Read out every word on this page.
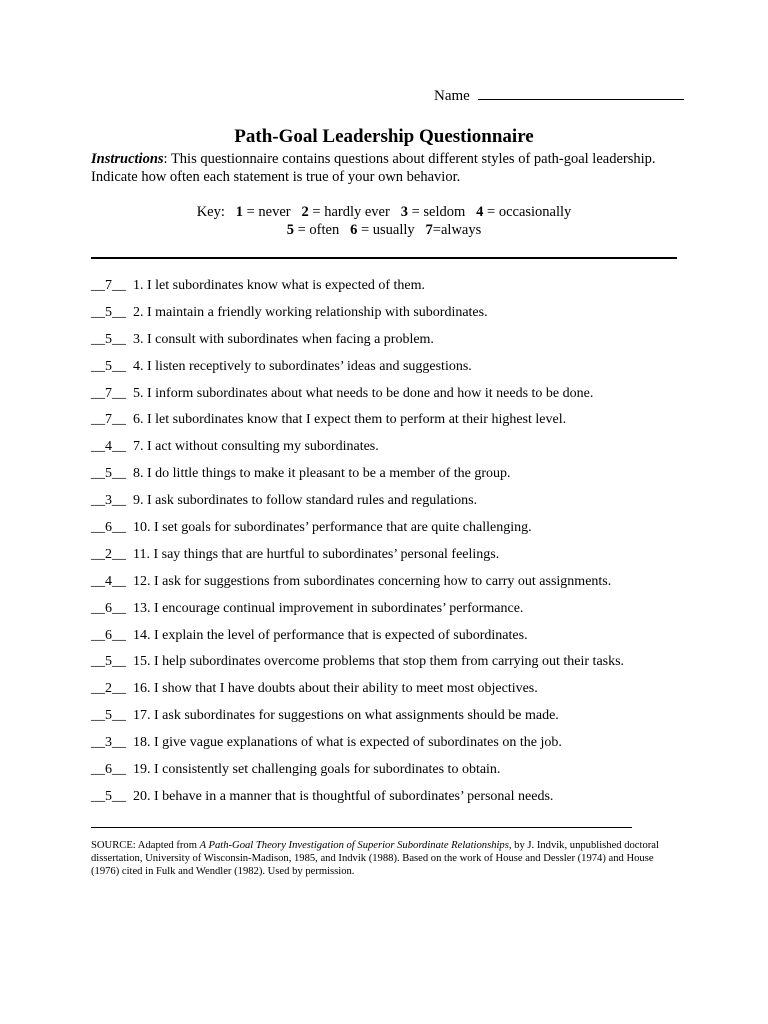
Name
Path-Goal Leadership Questionnaire
Instructions: This questionnaire contains questions about different styles of path-goal leadership. Indicate how often each statement is true of your own behavior.
Key:   1 = never   2 = hardly ever   3 = seldom   4 = occasionally
5 = often   6 = usually   7=always
__7__ 1. I let subordinates know what is expected of them.
__5__ 2. I maintain a friendly working relationship with subordinates.
__5__ 3. I consult with subordinates when facing a problem.
__5__ 4. I listen receptively to subordinates’ ideas and suggestions.
__7__ 5. I inform subordinates about what needs to be done and how it needs to be done.
__7__ 6. I let subordinates know that I expect them to perform at their highest level.
__4__ 7. I act without consulting my subordinates.
__5__ 8. I do little things to make it pleasant to be a member of the group.
__3__ 9. I ask subordinates to follow standard rules and regulations.
__6__ 10. I set goals for subordinates’ performance that are quite challenging.
__2__ 11. I say things that are hurtful to subordinates’ personal feelings.
__4__ 12. I ask for suggestions from subordinates concerning how to carry out assignments.
__6__ 13. I encourage continual improvement in subordinates’ performance.
__6__ 14. I explain the level of performance that is expected of subordinates.
__5__ 15. I help subordinates overcome problems that stop them from carrying out their tasks.
__2__ 16. I show that I have doubts about their ability to meet most objectives.
__5__ 17. I ask subordinates for suggestions on what assignments should be made.
__3__ 18. I give vague explanations of what is expected of subordinates on the job.
__6__ 19. I consistently set challenging goals for subordinates to obtain.
__5__ 20. I behave in a manner that is thoughtful of subordinates’ personal needs.
SOURCE: Adapted from A Path-Goal Theory Investigation of Superior Subordinate Relationships, by J. Indvik, unpublished doctoral dissertation, University of Wisconsin-Madison, 1985, and Indvik (1988). Based on the work of House and Dessler (1974) and House (1976) cited in Fulk and Wendler (1982). Used by permission.
